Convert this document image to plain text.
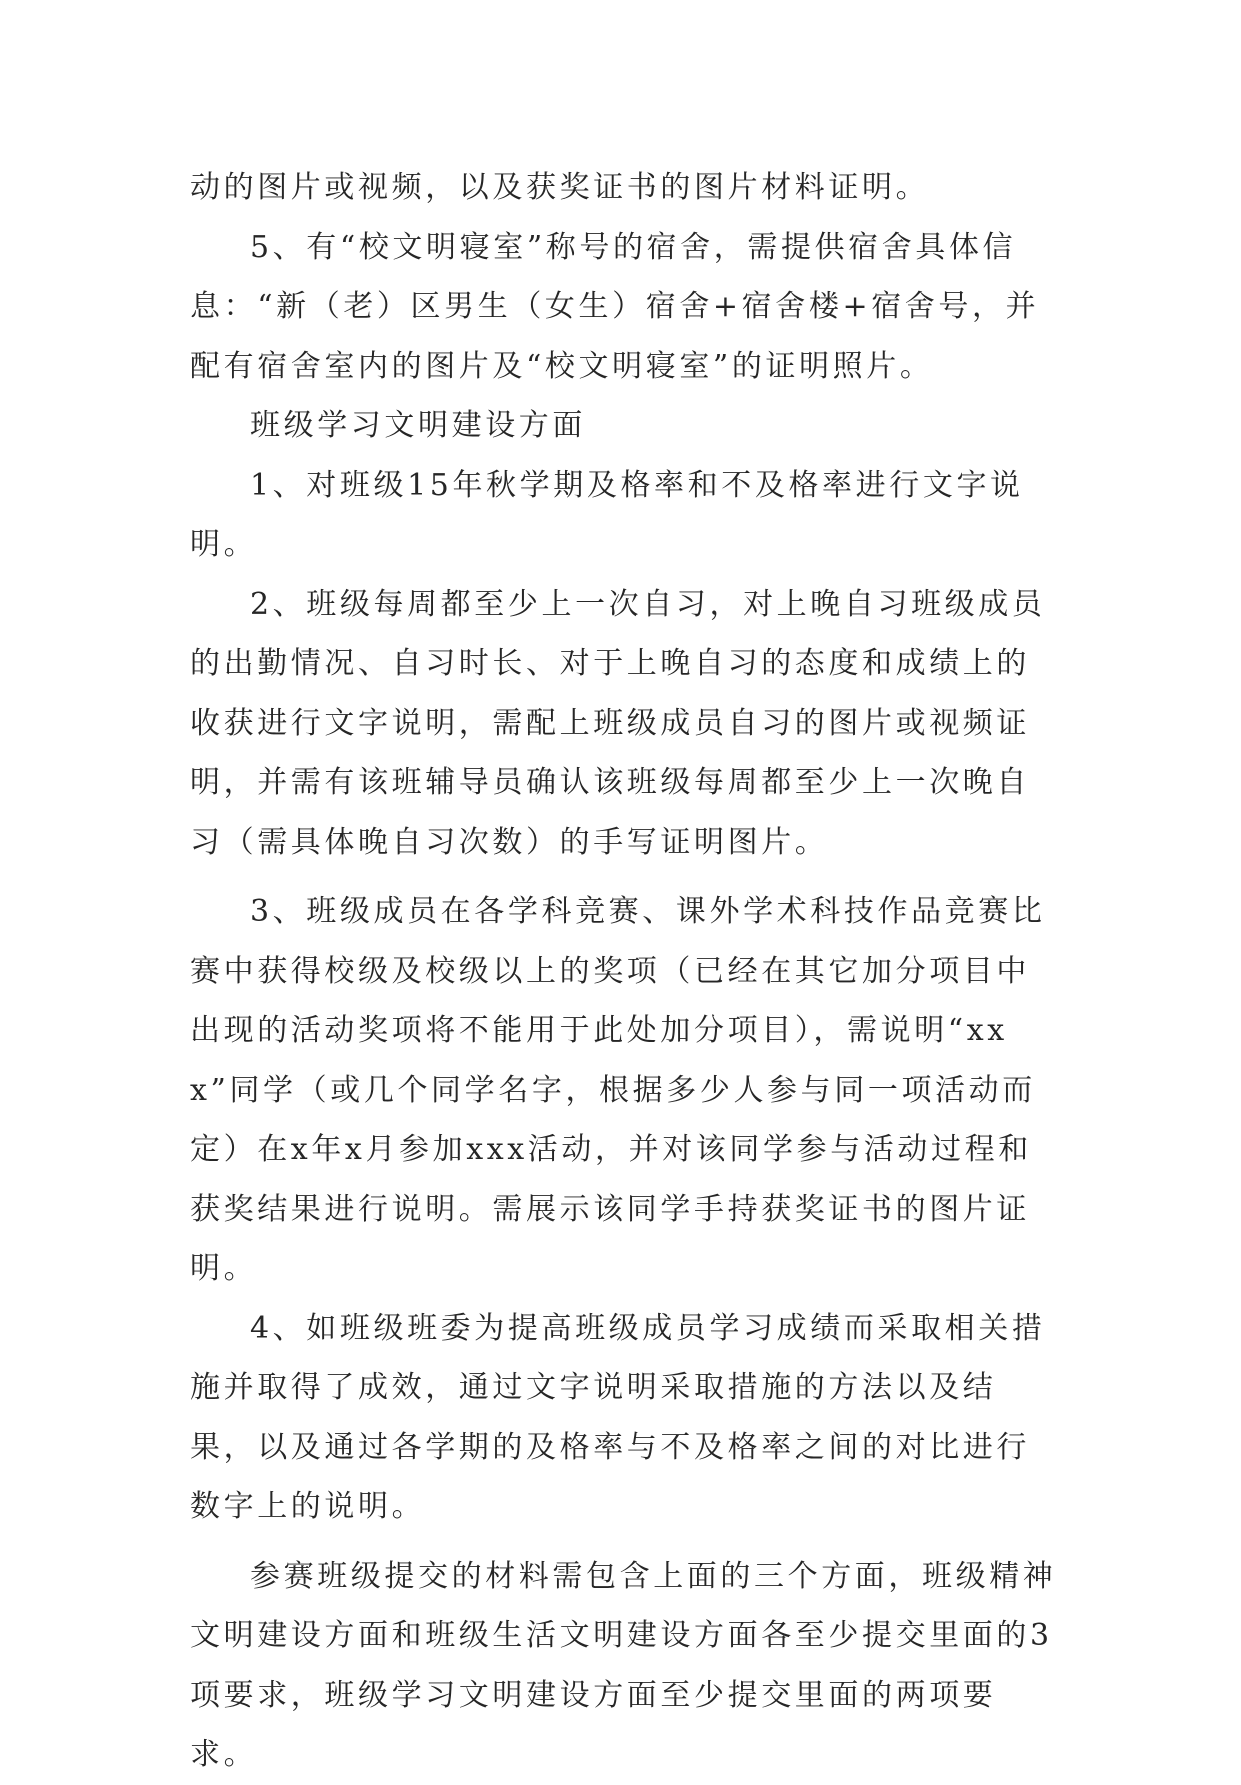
动的图片或视频，以及获奖证书的图片材料证明。

5、有“校文明寝室”称号的宿舍，需提供宿舍具体信息：“新（老）区男生（女生）宿舍+宿舍楼+宿舍号，并配有宿舍室内的图片及“校文明寝室”的证明照片。

班级学习文明建设方面

1、对班级15年秋学期及格率和不及格率进行文字说明。

2、班级每周都至少上一次自习，对上晚自习班级成员的出勤情况、自习时长、对于上晚自习的态度和成绩上的收获进行文字说明，需配上班级成员自习的图片或视频证明，并需有该班辅导员确认该班级每周都至少上一次晚自习（需具体晚自习次数）的手写证明图片。

3、班级成员在各学科竞赛、课外学术科技作品竞赛比赛中获得校级及校级以上的奖项（已经在其它加分项目中出现的活动奖项将不能用于此处加分项目），需说明“xxx”同学（或几个同学名字，根据多少人参与同一项活动而定）在x年x月参加xxx活动，并对该同学参与活动过程和获奖结果进行说明。需展示该同学手持获奖证书的图片证明。

4、如班级班委为提高班级成员学习成绩而采取相关措施并取得了成效，通过文字说明采取措施的方法以及结果，以及通过各学期的及格率与不及格率之间的对比进行数字上的说明。

参赛班级提交的材料需包含上面的三个方面，班级精神文明建设方面和班级生活文明建设方面各至少提交里面的3项要求，班级学习文明建设方面至少提交里面的两项要求。
